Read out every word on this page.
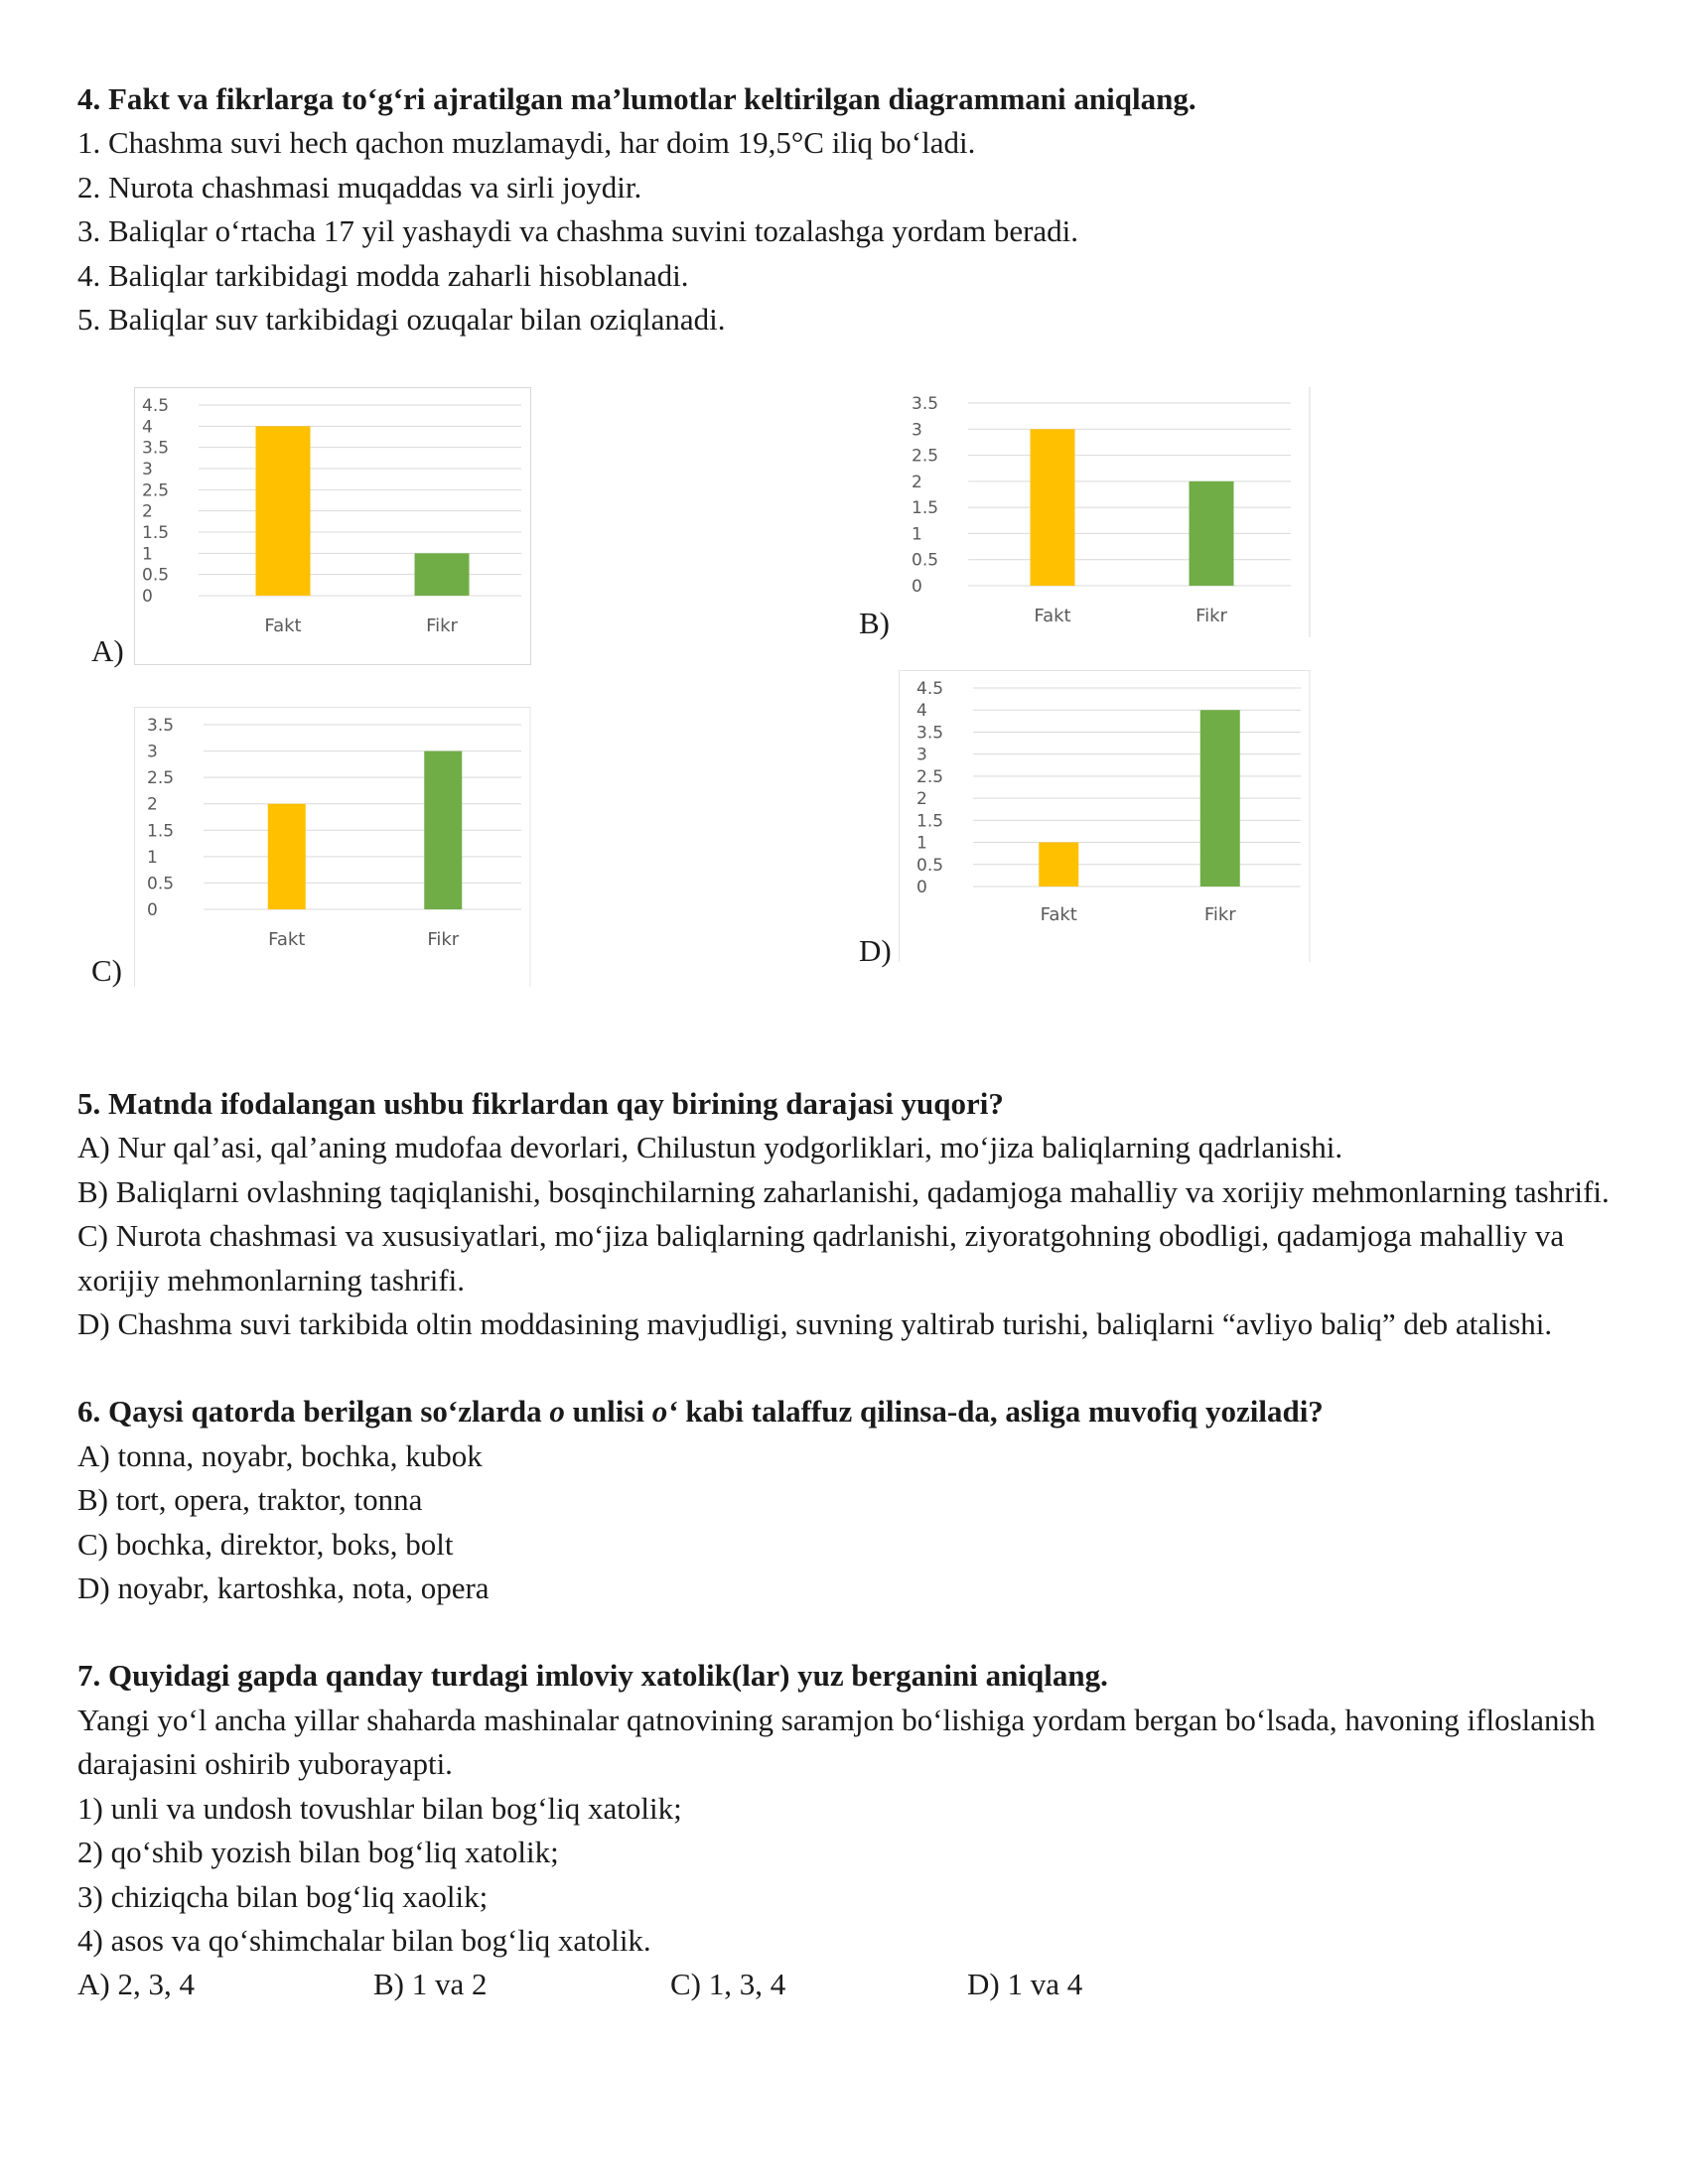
4. Fakt va fikrlarga to‘g‘ri ajratilgan ma’lumotlar keltirilgan diagrammani aniqlang.
1. Chashma suvi hech qachon muzlamaydi, har doim 19,5°C iliq bo‘ladi.
2. Nurota chashmasi muqaddas va sirli joydir.
3. Baliqlar o‘rtacha 17 yil yashaydi va chashma suvini tozalashga yordam beradi.
4. Baliqlar tarkibidagi modda zaharli hisoblanadi.
5. Baliqlar suv tarkibidagi ozuqalar bilan oziqlanadi.
0
0.5
1
1.5
2
2.5
3
3.5
4
4.5
Fakt	Fikr
A)
0
0.5
1
1.5
2
2.5
3
3.5
Fakt	Fikr
B)
0
0.5
1
1.5
2
2.5
3
3.5
Fakt	Fikr
C)
0
0.5
1
1.5
2
2.5
3
3.5
4
4.5
Fakt	Fikr
D)
5. Matnda ifodalangan ushbu fikrlardan qay birining darajasi yuqori?
A) Nur qal’asi, qal’aning mudofaa devorlari, Chilustun yodgorliklari, mo‘jiza baliqlarning qadrlanishi.
B) Baliqlarni ovlashning taqiqlanishi, bosqinchilarning zaharlanishi, qadamjoga mahalliy va xorijiy mehmonlarning tashrifi.
C) Nurota chashmasi va xususiyatlari, mo‘jiza baliqlarning qadrlanishi, ziyoratgohning obodligi, qadamjoga mahalliy va xorijiy mehmonlarning tashrifi.
D) Chashma suvi tarkibida oltin moddasining mavjudligi, suvning yaltirab turishi, baliqlarni “avliyo baliq” deb atalishi.
6. Qaysi qatorda berilgan so‘zlarda o unlisi o‘ kabi talaffuz qilinsa-da, asliga muvofiq yoziladi?
A) tonna, noyabr, bochka, kubok
B) tort, opera, traktor, tonna
C) bochka, direktor, boks, bolt
D) noyabr, kartoshka, nota, opera
7. Quyidagi gapda qanday turdagi imloviy xatolik(lar) yuz berganini aniqlang.
Yangi yo‘l ancha yillar shaharda mashinalar qatnovining saramjon bo‘lishiga yordam bergan bo‘lsada, havoning ifloslanish darajasini oshirib yuborayapti.
1) unli va undosh tovushlar bilan bog‘liq xatolik;
2) qo‘shib yozish bilan bog‘liq xatolik;
3) chiziqcha bilan bog‘liq xaolik;
4) asos va qo‘shimchalar bilan bog‘liq xatolik.
A) 2, 3, 4	B) 1 va 2	C) 1, 3, 4	D) 1 va 4
